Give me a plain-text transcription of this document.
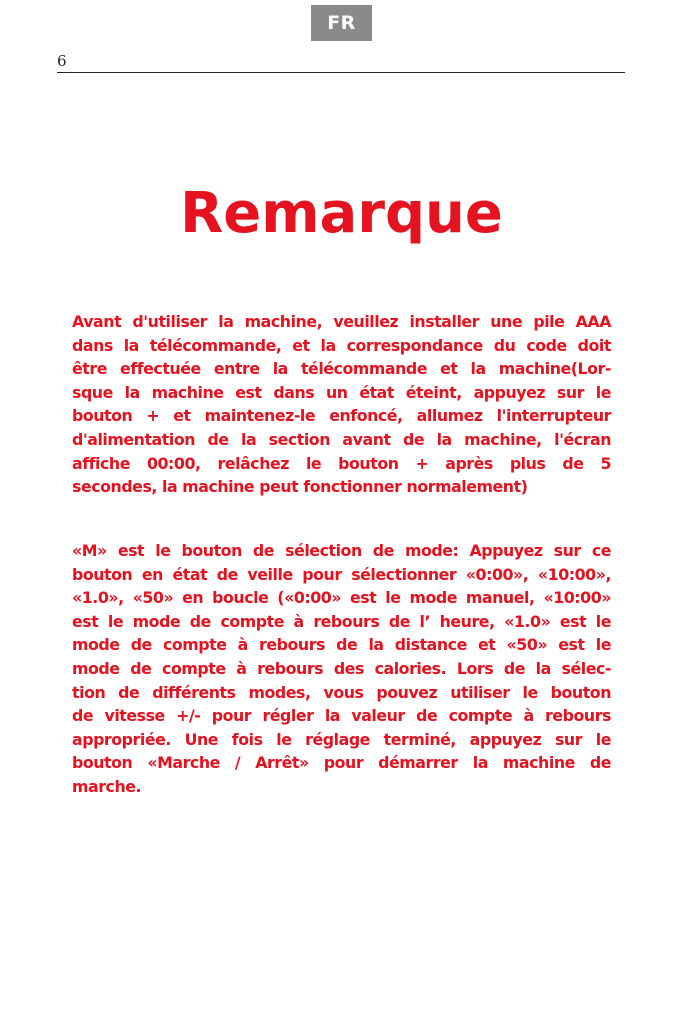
FR
6
Remarque
Avant d'utiliser la machine, veuillez installer une pile AAA
dans la télécommande, et la correspondance du code doit
être effectuée entre la télécommande et la machine(Lor-
sque la machine est dans un état éteint, appuyez sur le
bouton + et maintenez-le enfoncé, allumez l'interrupteur
d'alimentation de la section avant de la machine, l'écran
affiche 00:00, relâchez le bouton + après plus de 5
secondes, la machine peut fonctionner normalement)
«M» est le bouton de sélection de mode: Appuyez sur ce
bouton en état de veille pour sélectionner «0:00», «10:00»,
«1.0», «50» en boucle («0:00» est le mode manuel, «10:00»
est le mode de compte à rebours de l’ heure, «1.0» est le
mode de compte à rebours de la distance et «50» est le
mode de compte à rebours des calories. Lors de la sélec-
tion de différents modes, vous pouvez utiliser le bouton
de vitesse +/- pour régler la valeur de compte à rebours
appropriée. Une fois le réglage terminé, appuyez sur le
bouton «Marche / Arrêt» pour démarrer la machine de
marche.
